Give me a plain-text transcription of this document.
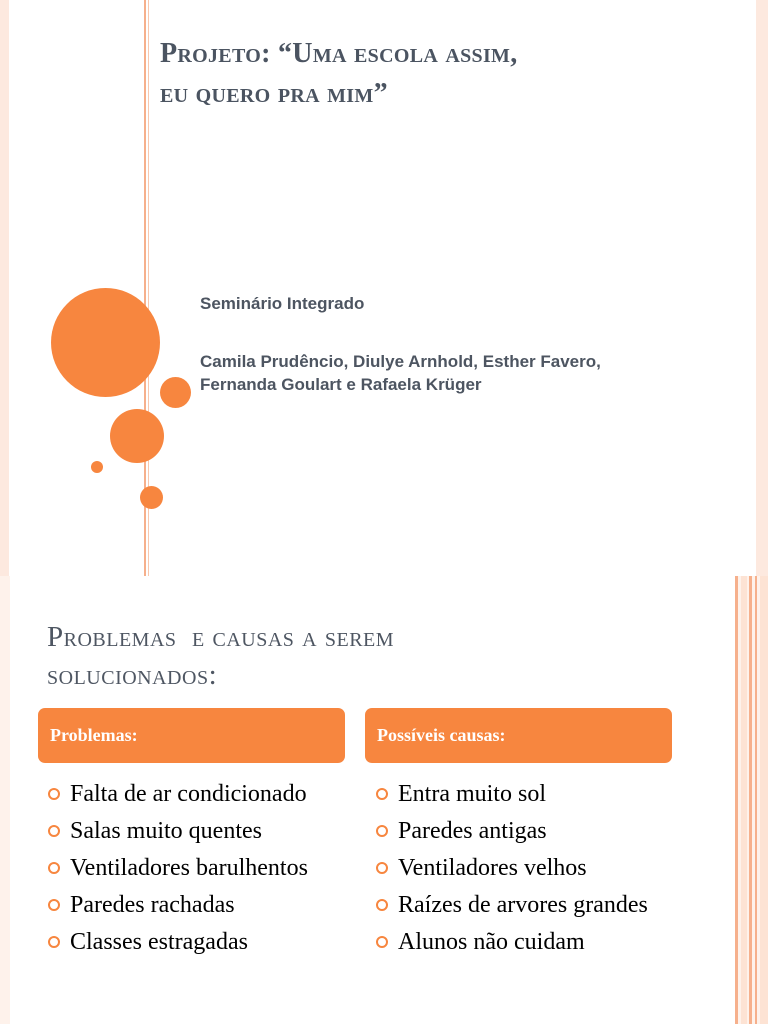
Projeto: “Uma escola assim,
eu quero pra mim”
Seminário Integrado
Camila Prudêncio, Diulye Arnhold, Esther Favero,
Fernanda Goulart e Rafaela Krüger
Problemas  e causas a serem
solucionados:
Problemas:	Possíveis causas:
Falta de ar condicionado
Salas muito quentes
Ventiladores barulhentos
Paredes rachadas
Classes estragadas
Entra muito sol
Paredes antigas
Ventiladores velhos
Raízes de arvores grandes
Alunos não cuidam
